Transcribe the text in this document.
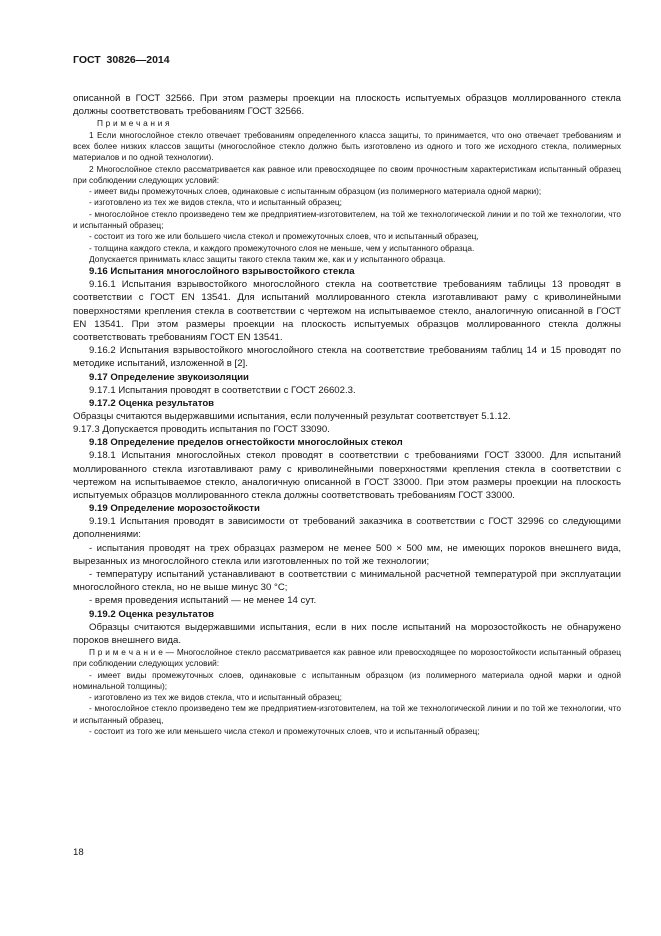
ГОСТ  30826—2014

описанной в ГОСТ 32566. При этом размеры проекции на плоскость испытуемых образцов моллированного стекла должны соответствовать требованиям ГОСТ 32566.

П р и м е ч а н и я

1 Если многослойное стекло отвечает требованиям определенного класса защиты, то принимается, что оно отвечает требованиям и всех более низких классов защиты (многослойное стекло должно быть изготовлено из одного и того же исходного стекла, полимерных материалов и по одной технологии).

2 Многослойное стекло рассматривается как равное или превосходящее по своим прочностным характеристикам испытанный образец при соблюдении следующих условий:

- имеет виды промежуточных слоев, одинаковые с испытанным образцом (из полимерного материала одной марки);

- изготовлено из тех же видов стекла, что и испытанный образец;

- многослойное стекло произведено тем же предприятием-изготовителем, на той же технологической линии и по той же технологии, что и испытанный образец;

- состоит из того же или большего числа стекол и промежуточных слоев, что и испытанный образец,

- толщина каждого стекла, и каждого промежуточного слоя не меньше, чем у испытанного образца.

Допускается принимать класс защиты такого стекла таким же, как и у испытанного образца.

9.16 Испытания многослойного взрывостойкого стекла

9.16.1 Испытания взрывостойкого многослойного стекла на соответствие требованиям таблицы 13 проводят в соответствии с ГОСТ EN 13541. Для испытаний моллированного стекла изготавливают раму с криволинейными поверхностями крепления стекла в соответствии с чертежом на испытываемое стекло, аналогичную описанной в ГОСТ EN 13541. При этом размеры проекции на плоскость испытуемых образцов моллированного стекла должны соответствовать требованиям ГОСТ EN 13541.

9.16.2 Испытания взрывостойкого многослойного стекла на соответствие требованиям таблиц 14 и 15 проводят по методике испытаний, изложенной в [2].

9.17 Определение звукоизоляции

9.17.1 Испытания проводят в соответствии с ГОСТ 26602.3.

9.17.2 Оценка результатов

Образцы считаются выдержавшими испытания, если полученный результат соответствует 5.1.12.

9.17.3 Допускается проводить испытания по ГОСТ 33090.

9.18 Определение пределов огнестойкости многослойных стекол

9.18.1 Испытания многослойных стекол проводят в соответствии с требованиями ГОСТ 33000. Для испытаний моллированного стекла изготавливают раму с криволинейными поверхностями крепления стекла в соответствии с чертежом на испытываемое стекло, аналогичную описанной в ГОСТ 33000. При этом размеры проекции на плоскость испытуемых образцов моллированного стекла должны соответствовать требованиям ГОСТ 33000.

9.19 Определение морозостойкости

9.19.1 Испытания проводят в зависимости от требований заказчика в соответствии с ГОСТ 32996 со следующими дополнениями:

- испытания проводят на трех образцах размером не менее 500 × 500 мм, не имеющих пороков внешнего вида, вырезанных из многослойного стекла или изготовленных по той же технологии;

- температуру испытаний устанавливают в соответствии с минимальной расчетной температурой при эксплуатации многослойного стекла, но не выше минус 30 °С;

- время проведения испытаний — не менее 14 сут.

9.19.2 Оценка результатов

Образцы считаются выдержавшими испытания, если в них после испытаний на морозостойкость не обнаружено пороков внешнего вида.

П р и м е ч а н и е — Многослойное стекло рассматривается как равное или превосходящее по морозостойкости испытанный образец при соблюдении следующих условий:

- имеет виды промежуточных слоев, одинаковые с испытанным образцом (из полимерного материала одной марки и одной номинальной толщины);

- изготовлено из тех же видов стекла, что и испытанный образец;

- многослойное стекло произведено тем же предприятием-изготовителем, на той же технологической линии и по той же технологии, что и испытанный образец,

- состоит из того же или меньшего числа стекол и промежуточных слоев, что и испытанный образец;

18
